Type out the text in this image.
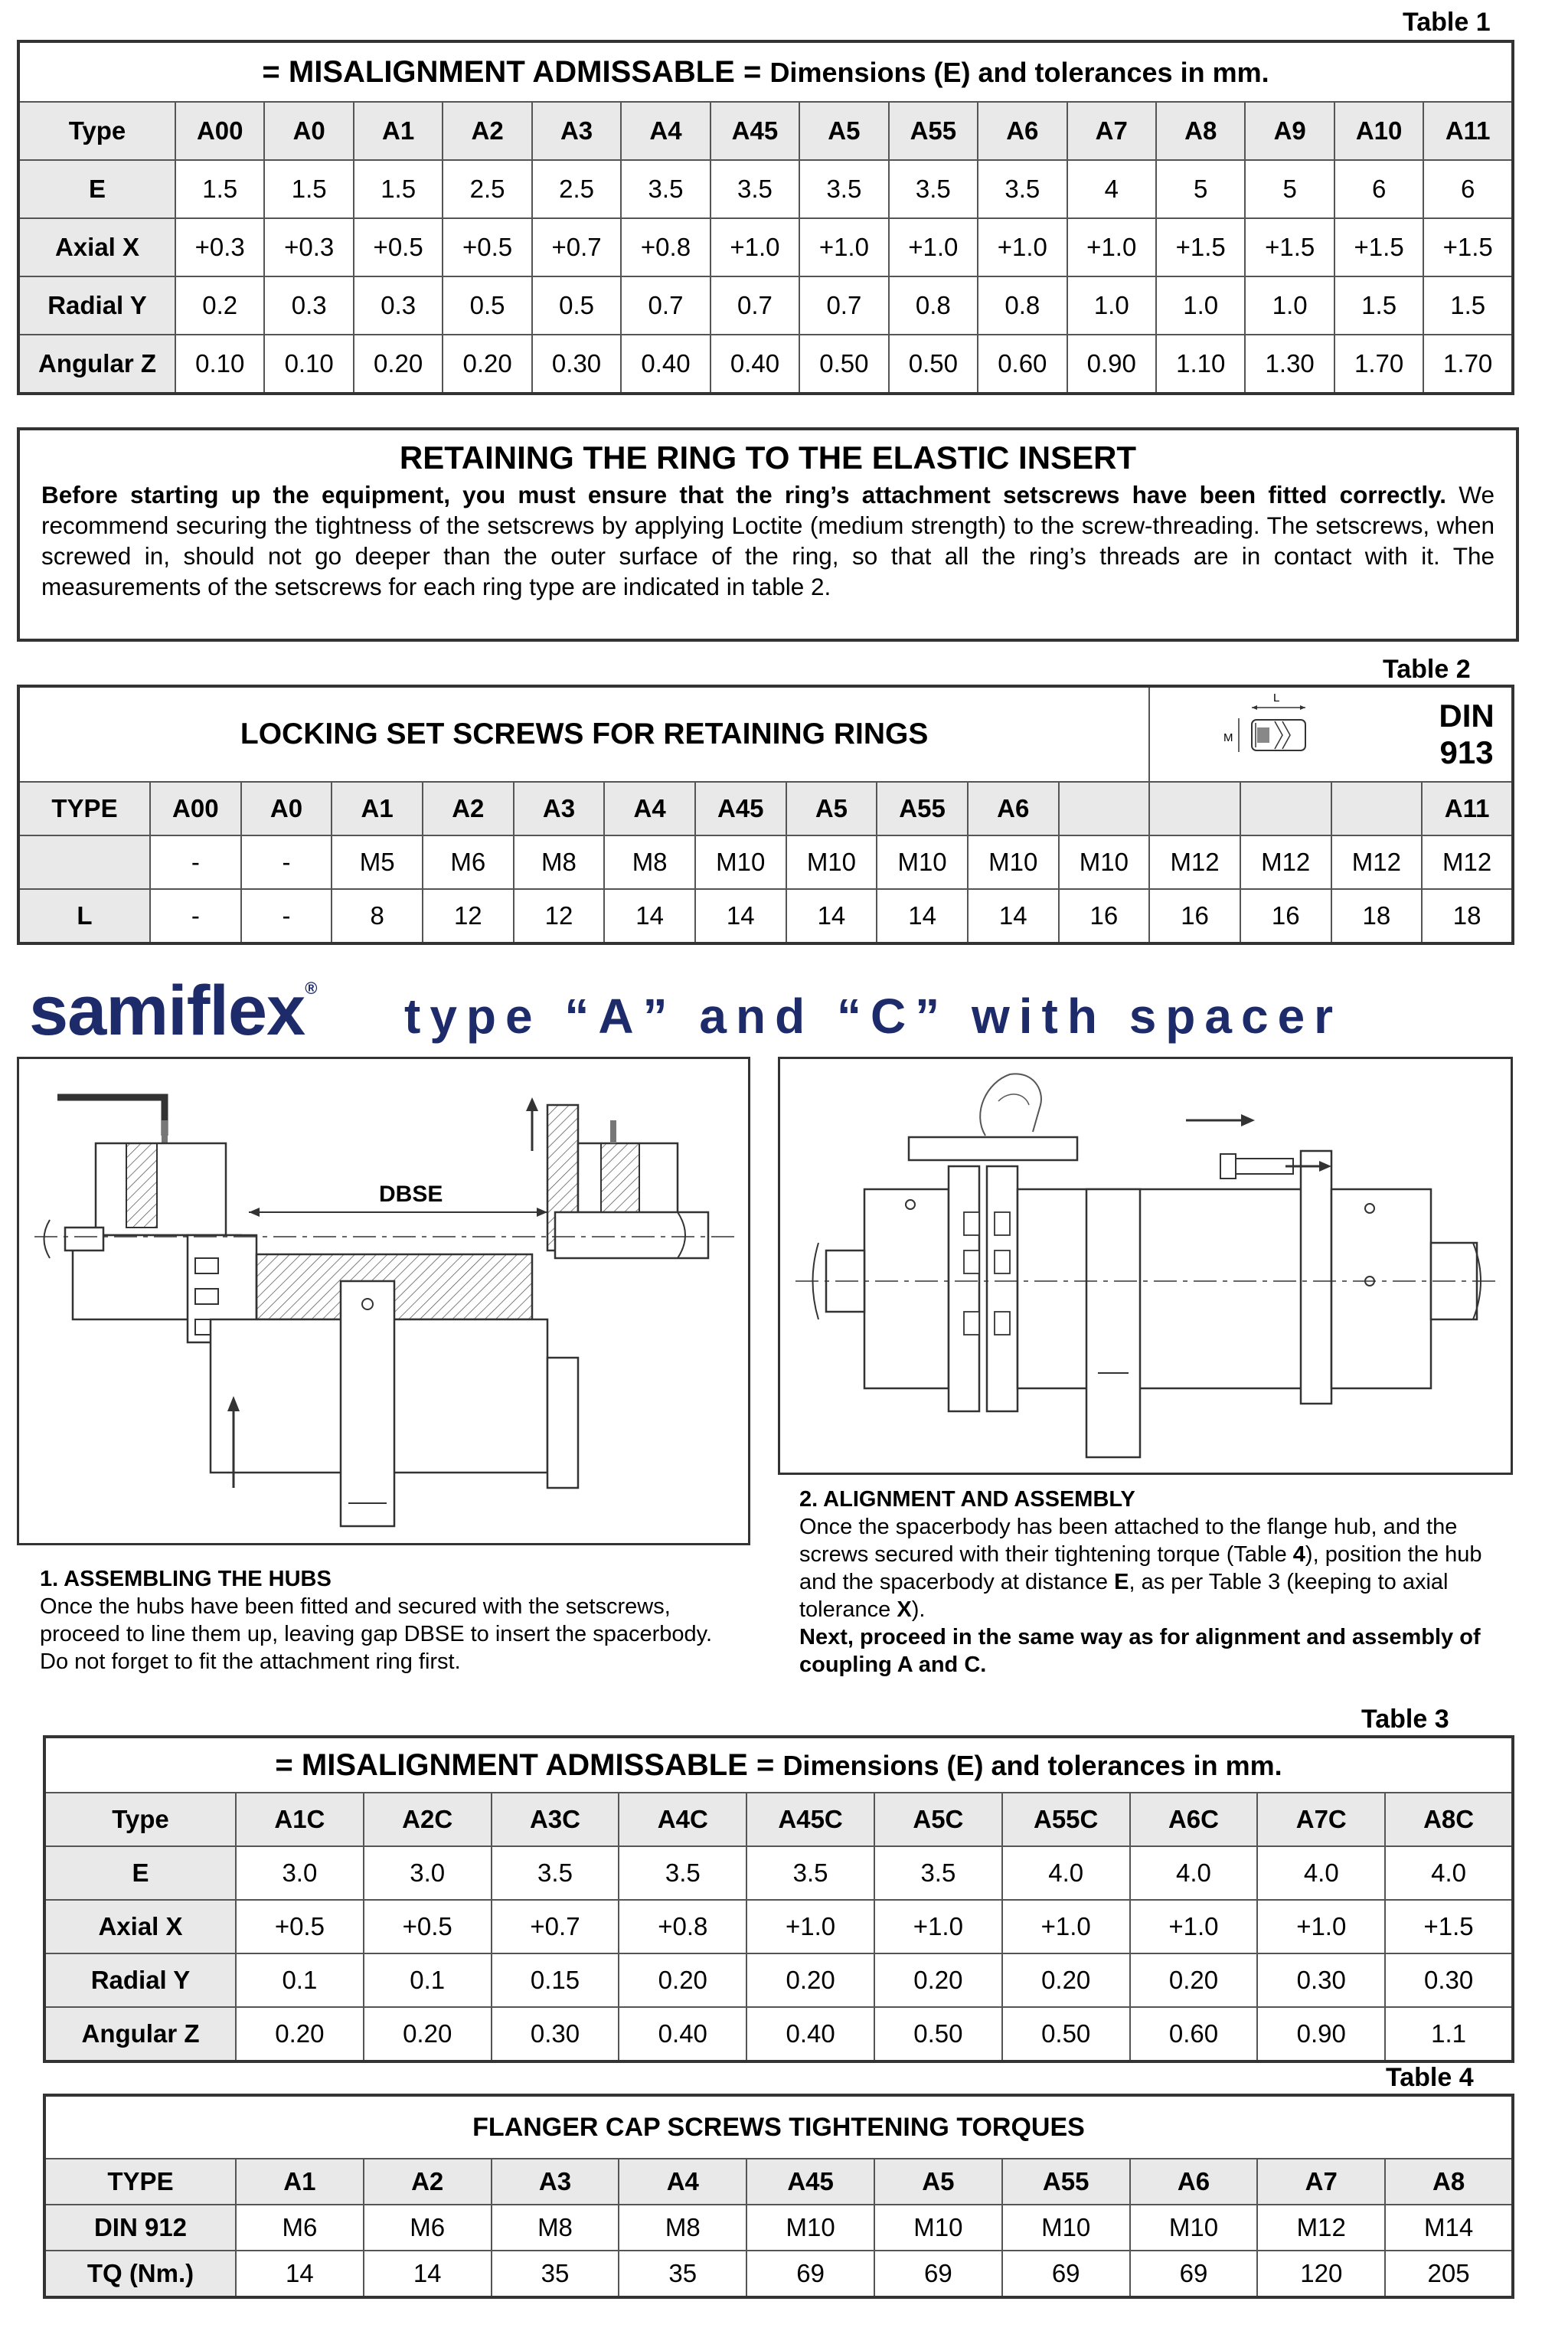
Table 1
= MISALIGNMENT ADMISSABLE = Dimensions (E) and tolerances in mm.															
Type	A00	A0	A1	A2	A3	A4	A45	A5	A55	A6	A7	A8	A9	A10	A11
E	1.5	1.5	1.5	2.5	2.5	3.5	3.5	3.5	3.5	3.5	4	5	5	6	6
Axial X	+0.3	+0.3	+0.5	+0.5	+0.7	+0.8	+1.0	+1.0	+1.0	+1.0	+1.0	+1.5	+1.5	+1.5	+1.5
Radial Y	0.2	0.3	0.3	0.5	0.5	0.7	0.7	0.7	0.8	0.8	1.0	1.0	1.0	1.5	1.5
Angular Z	0.10	0.10	0.20	0.20	0.30	0.40	0.40	0.50	0.50	0.60	0.90	1.10	1.30	1.70	1.70
RETAINING THE RING TO THE ELASTIC INSERT
Before starting up the equipment, you must ensure that the ring’s attachment setscrews have been fitted correctly. We recommend securing the tightness of the setscrews by applying Loctite (medium strength) to the screw-threading. The setscrews, when screwed in, should not go deeper than the outer surface of the ring, so that all the ring’s threads are in contact with it. The measurements of the setscrews for each ring type are indicated in table 2.
Table 2
LOCKING SET SCREWS FOR RETAINING RINGS												L
M			DIN
913
TYPE	A00	A0	A1	A2	A3	A4	A45	A5	A55	A6					A11
	-	-	M5	M6	M8	M8	M10	M10	M10	M10	M10	M12	M12	M12	M12
L	-	-	8	12	12	14	14	14	14	14	16	16	16	18	18
samiflex®
type “A” and “C” with spacer
DBSE
1. ASSEMBLING THE HUBS
Once the hubs have been fitted and secured with the setscrews, proceed to line them up, leaving gap DBSE to insert the spacerbody. Do not forget to fit the attachment ring first.
2. ALIGNMENT AND ASSEMBLY
Once the spacerbody has been attached to the flange hub, and the screws secured with their tightening torque (Table 4), position the hub and the spacerbody at distance E, as per Table 3 (keeping to axial tolerance X).
Next, proceed in the same way as for alignment and assembly of coupling A and C.
Table 3
= MISALIGNMENT ADMISSABLE = Dimensions (E) and tolerances in mm.										
Type	A1C	A2C	A3C	A4C	A45C	A5C	A55C	A6C	A7C	A8C
E	3.0	3.0	3.5	3.5	3.5	3.5	4.0	4.0	4.0	4.0
Axial X	+0.5	+0.5	+0.7	+0.8	+1.0	+1.0	+1.0	+1.0	+1.0	+1.5
Radial Y	0.1	0.1	0.15	0.20	0.20	0.20	0.20	0.20	0.30	0.30
Angular Z	0.20	0.20	0.30	0.40	0.40	0.50	0.50	0.60	0.90	1.1
Table 4
FLANGER CAP SCREWS TIGHTENING TORQUES										
TYPE	A1	A2	A3	A4	A45	A5	A55	A6	A7	A8
DIN 912	M6	M6	M8	M8	M10	M10	M10	M10	M12	M14
TQ (Nm.)	14	14	35	35	69	69	69	69	120	205
